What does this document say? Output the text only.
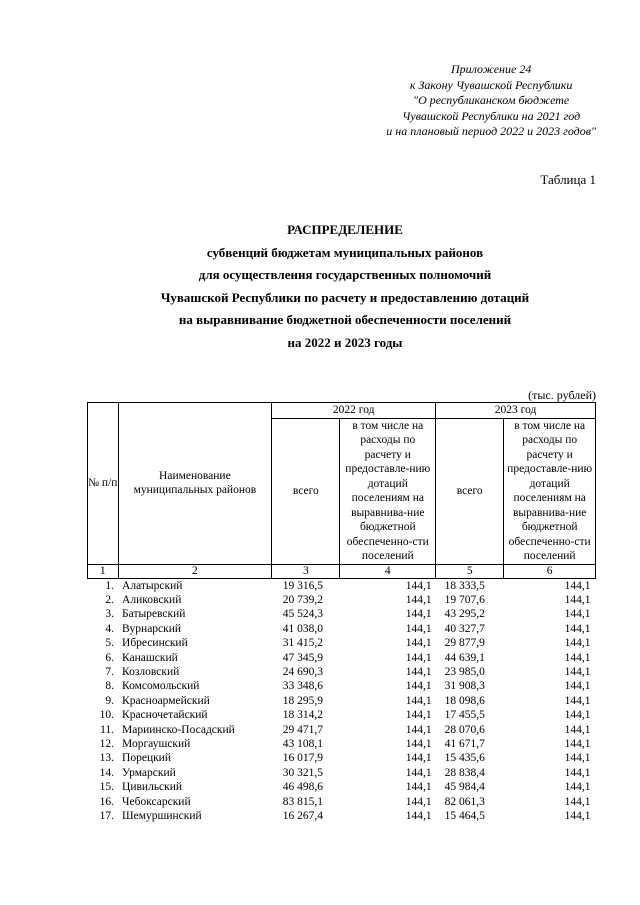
Приложение 24
к Закону Чувашской Республики
"О республиканском бюджете
Чувашской Республики на 2021 год
и на плановый период 2022 и 2023 годов"
Таблица 1
РАСПРЕДЕЛЕНИЕ
субвенций бюджетам муниципальных районов
для осуществления государственных полномочий
Чувашской Республики по расчету и предоставлению дотаций
на выравнивание бюджетной обеспеченности поселений
на 2022 и 2023 годы
(тыс. рублей)
№ п/п	Наименование муниципальных районов	2022 год		2023 год	
		всего	в том числе на расходы по расчету и предоставле-нию дотаций поселениям на выравнива-ние бюджетной обеспеченно-сти поселений	всего	в том числе на расходы по расчету и предоставле-нию дотаций поселениям на выравнива-ние бюджетной обеспеченно-сти поселений
1	2	3	4	5	6
1.	Алатырский	19 316,5	144,1	18 333,5	144,1
2.	Аликовский	20 739,2	144,1	19 707,6	144,1
3.	Батыревский	45 524,3	144,1	43 295,2	144,1
4.	Вурнарский	41 038,0	144,1	40 327,7	144,1
5.	Ибресинский	31 415,2	144,1	29 877,9	144,1
6.	Канашский	47 345,9	144,1	44 639,1	144,1
7.	Козловский	24 690,3	144,1	23 985,0	144,1
8.	Комсомольский	33 348,6	144,1	31 908,3	144,1
9.	Красноармейский	18 295,9	144,1	18 098,6	144,1
10.	Красночетайский	18 314,2	144,1	17 455,5	144,1
11.	Мариинско-Посадский	29 471,7	144,1	28 070,6	144,1
12.	Моргаушский	43 108,1	144,1	41 671,7	144,1
13.	Порецкий	16 017,9	144,1	15 435,6	144,1
14.	Урмарский	30 321,5	144,1	28 838,4	144,1
15.	Цивильский	46 498,6	144,1	45 984,4	144,1
16.	Чебоксарский	83 815,1	144,1	82 061,3	144,1
17.	Шемуршинский	16 267,4	144,1	15 464,5	144,1
